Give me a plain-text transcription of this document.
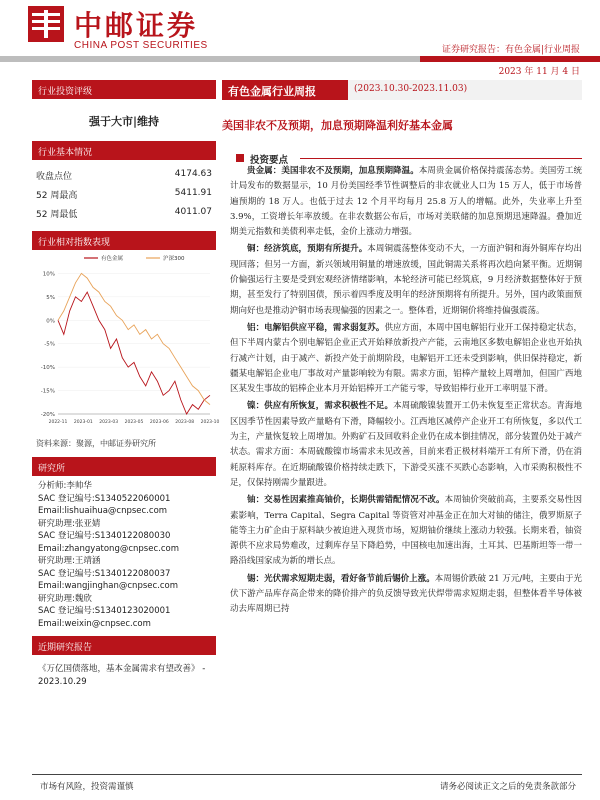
中邮证券
CHINA POST SECURITIES	证券研究报告：有色金属|行业周报
2023 年 11 月 4 日
行业投资评级
强于大市|维持
行业基本情况
收盘点位	4174.63
52 周最高	5411.91
52 周最低	4011.07
行业相对指数表现
10%
5%
0%
-5%
-10%
-15%
-20%
2022-11 2023-01 2023-03 2023-05 2023-06 2023-08 2023-10
有色金属	沪深300
资料来源：聚源，中邮证券研究所
研究所
分析师:李帅华
SAC 登记编号:S1340522060001
Email:lishuaihua@cnpsec.com
研究助理:张亚婧
SAC 登记编号:S1340122080030
Email:zhangyatong@cnpsec.com
研究助理:王靖涵
SAC 登记编号:S1340122080037
Email:wangjinghan@cnpsec.com
研究助理:魏欣
SAC 登记编号:S1340123020001
Email:weixin@cnpsec.com
近期研究报告
《万亿国债落地，基本金属需求有望改善》 - 2023.10.29
有色金属行业周报	(2023.10.30-2023.11.03)
美国非农不及预期，加息预期降温利好基本金属
投资要点

贵金属：美国非农不及预期，加息预期降温。本周贵金属价格保持震荡态势。美国劳工统计局发布的数据显示，10 月份美国经季节性调整后的非农就业人口为 15 万人，低于市场普遍预期的 18 万人。也低于过去 12 个月平均每月 25.8 万人的增幅。此外，失业率上升至 3.9%，工资增长年率放缓。在非农数据公布后，市场对美联储的加息预期迅速降温。叠加近期美元指数和美债利率走低，金价上涨动力增强。

铜：经济筑底，预期有所提升。本周铜震荡整体变动不大，一方面沪铜和海外铜库存均出现回落；但另一方面，新兴领域用铜量的增速放缓，国此铜需关系将再次趋向紧平衡。近期铜价偏强运行主要是受到宏观经济情绪影响，本轮经济可能已经筑底，9 月经济数据整体好于预期，甚至发行了特别国债，预示着四季度及明年的经济预期将有所提升。另外，国内政策面预期向好也是推动沪铜市场表现偏强的因素之一。整体看，近期铜价将维持偏强震荡。

铝：电解铝供应平稳，需求弱复苏。供应方面，本周中国电解铝行业开工保持稳定状态，但下半周内蒙古个别电解铝企业正式开始释放新投产产能，云南地区多数电解铝企业也开始执行减产计划，由于减产、新投产处于前期阶段，电解铝开工还未受到影响，供旧保持稳定，新疆某电解铝企业电厂事故对产量影响较为有限。需求方面，铝棒产量较上周增加，但国广西地区某发生事故的铝棒企业本月开始铝棒开工产能亏零，导致铝棒行业开工率明显下滑。

镍：供应有所恢复，需求积极性不足。本周硫酸镍装置开工仍未恢复至正常状态。青海地区因季节性因素导致产量略有下滑，降幅较小。江西地区减停产企业开工有所恢复，多以代工为主，产量恢复较上周增加。外购矿石及回收料企业仍在成本倒挂情况，部分装置仍处于减产状态。需求方面：本周硫酸镍市场需求未见改善，目前来看正极材料端开工有所下滑，仍在消耗原料库存。在近期硫酸镍价格持续走跌下，下游受买涨不买跌心态影响，入市采购积极性不足，仅保持刚需少量跟进。

铀：交易性因素推高铀价，长期供需错配情况不改。本周铀价突破前高，主要系交易性因素影响，Terra Capital、Segra Capital 等资管对冲基金正在加大对铀的储注，俄罗斯原子能等主力矿企由于原料缺少被迫进入现货市场，短期铀价继续上涨动力较强。长期来看，铀资源供不应求局势难改，过剩库存呈下降趋势，中国核电加速出海，土耳其、巴基斯坦等一带一路沿线国家成为新的增长点。

锡：光伏需求短期走弱，看好备节前后锡价上涨。本周锡价跌破 21 万元/吨，主要由于光伏下游产品库存高企带来的降价排产的负反馈导致光伏焊带需求短期走弱，但整体看半导体被动去库周期已持

市场有风险，投资需谨慎	请务必阅读正文之后的免责条款部分
